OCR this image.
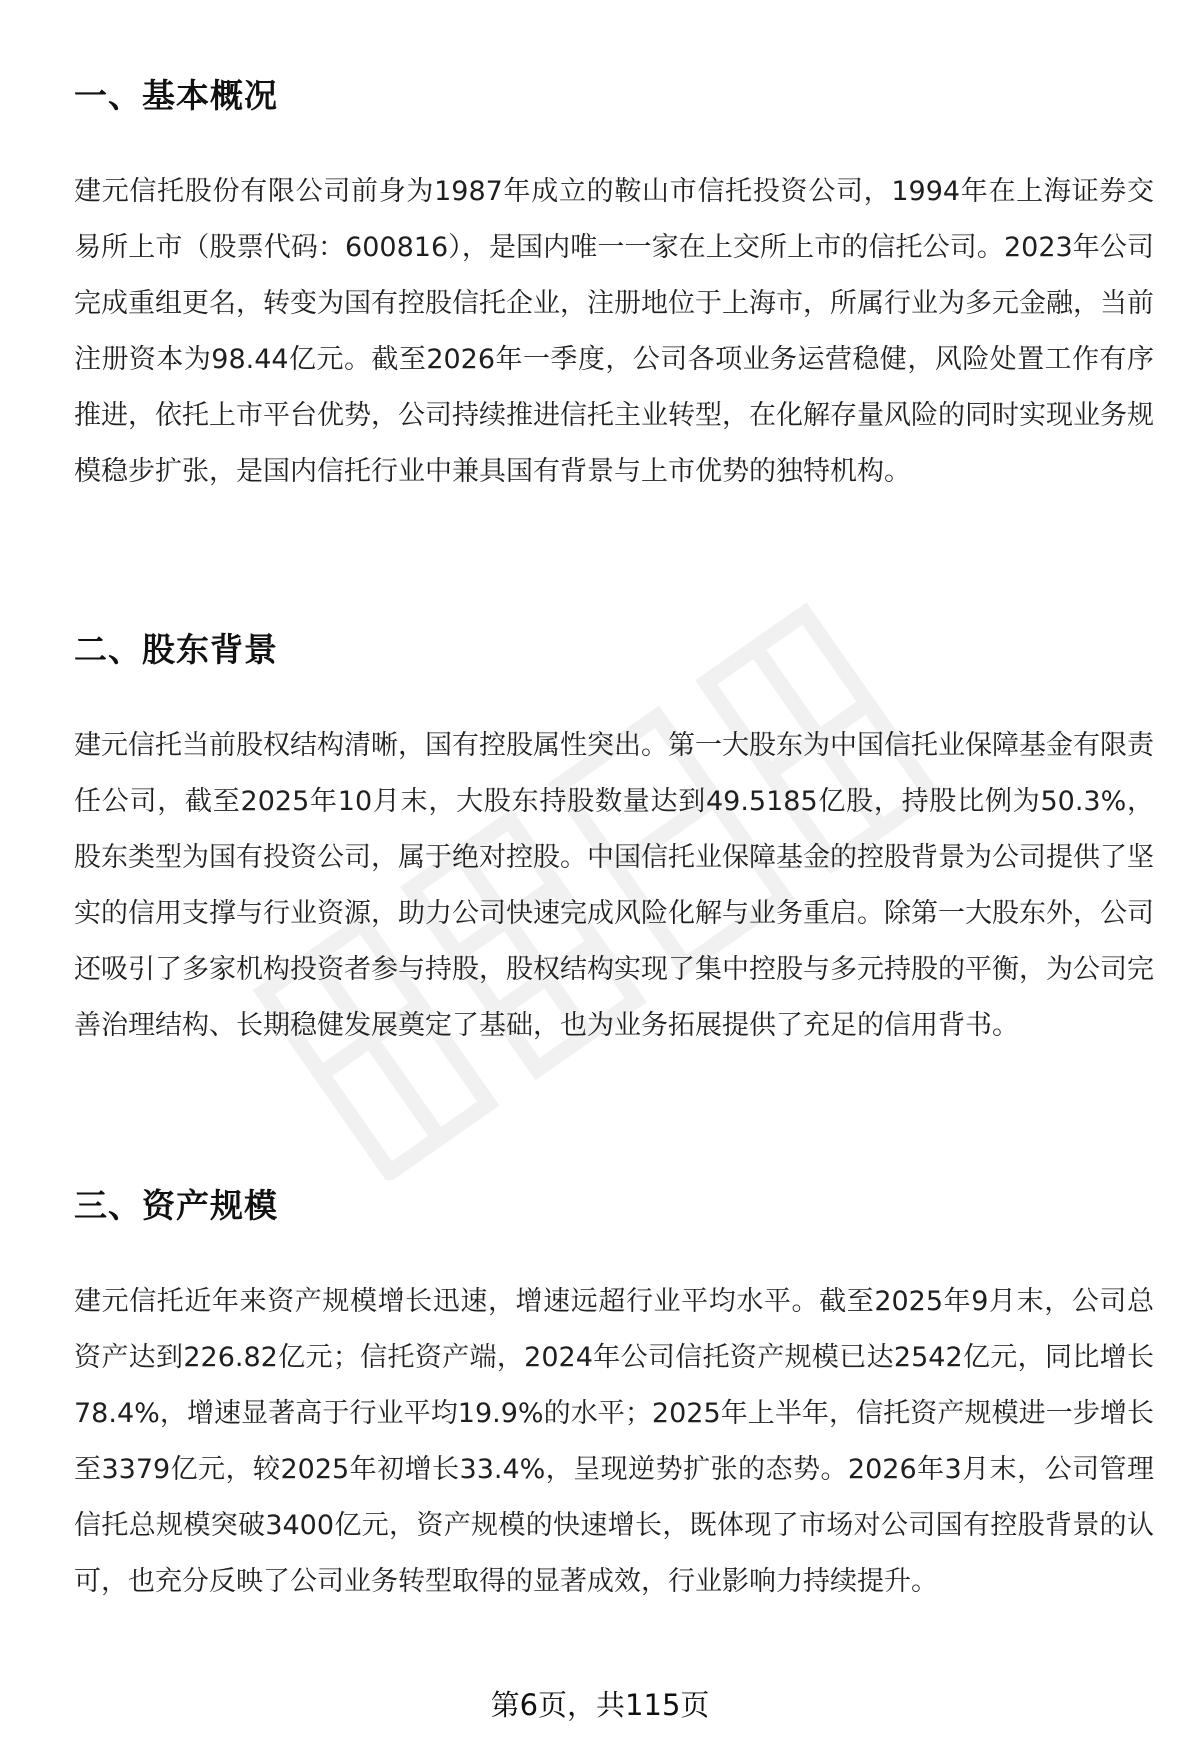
一、基本概况

建元信托股份有限公司前身为1987年成立的鞍山市信托投资公司，1994年在上海证券交易所上市（股票代码：600816），是国内唯一一家在上交所上市的信托公司。2023年公司完成重组更名，转变为国有控股信托企业，注册地位于上海市，所属行业为多元金融，当前注册资本为98.44亿元。截至2026年一季度，公司各项业务运营稳健，风险处置工作有序推进，依托上市平台优势，公司持续推进信托主业转型，在化解存量风险的同时实现业务规模稳步扩张，是国内信托行业中兼具国有背景与上市优势的独特机构。

二、股东背景

建元信托当前股权结构清晰，国有控股属性突出。第一大股东为中国信托业保障基金有限责任公司，截至2025年10月末，大股东持股数量达到49.5185亿股，持股比例为50.3%，股东类型为国有投资公司，属于绝对控股。中国信托业保障基金的控股背景为公司提供了坚实的信用支撑与行业资源，助力公司快速完成风险化解与业务重启。除第一大股东外，公司还吸引了多家机构投资者参与持股，股权结构实现了集中控股与多元持股的平衡，为公司完善治理结构、长期稳健发展奠定了基础，也为业务拓展提供了充足的信用背书。

三、资产规模

建元信托近年来资产规模增长迅速，增速远超行业平均水平。截至2025年9月末，公司总资产达到226.82亿元；信托资产端，2024年公司信托资产规模已达2542亿元，同比增长78.4%，增速显著高于行业平均19.9%的水平；2025年上半年，信托资产规模进一步增长至3379亿元，较2025年初增长33.4%，呈现逆势扩张的态势。2026年3月末，公司管理信托总规模突破3400亿元，资产规模的快速增长，既体现了市场对公司国有控股背景的认可，也充分反映了公司业务转型取得的显著成效，行业影响力持续提升。

第6页，共115页
